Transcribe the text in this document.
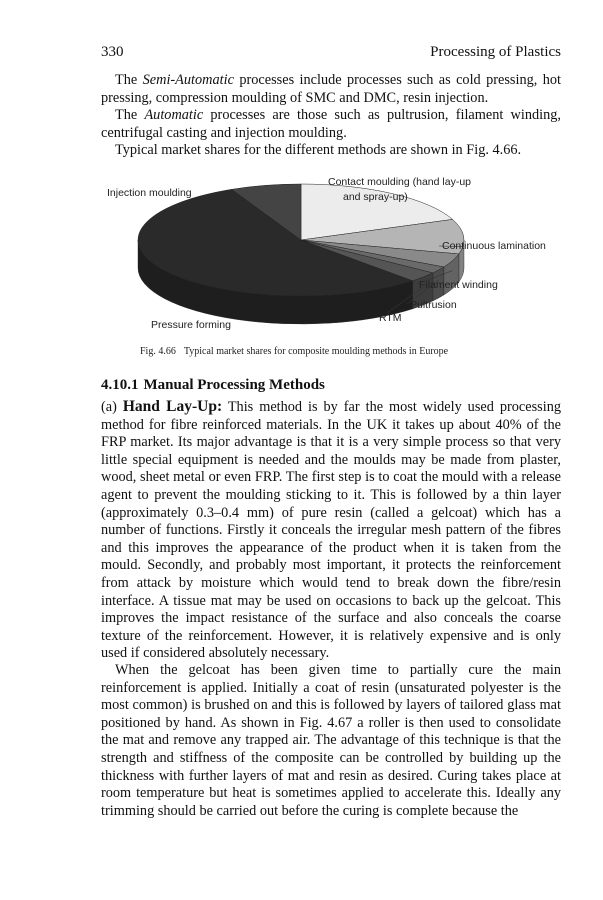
330	Processing of Plastics

The Semi-Automatic processes include processes such as cold pressing, hot pressing, compression moulding of SMC and DMC, resin injection.

The Automatic processes are those such as pultrusion, filament winding, centrifugal casting and injection moulding.

Typical market shares for the different methods are shown in Fig. 4.66.

Injection moulding
Contact moulding (hand lay-up
and spray-up)
Continuous lamination
Filament winding
Pultrusion
RTM
Pressure forming
Fig. 4.66 Typical market shares for composite moulding methods in Europe
4.10.1 Manual Processing Methods

(a) Hand Lay-Up: This method is by far the most widely used processing method for fibre reinforced materials. In the UK it takes up about 40% of the FRP market. Its major advantage is that it is a very simple process so that very little special equipment is needed and the moulds may be made from plaster, wood, sheet metal or even FRP. The first step is to coat the mould with a release agent to prevent the moulding sticking to it. This is followed by a thin layer (approximately 0.3–0.4 mm) of pure resin (called a gelcoat) which has a number of functions. Firstly it conceals the irregular mesh pattern of the fibres and this improves the appearance of the product when it is taken from the mould. Secondly, and probably most important, it protects the reinforcement from attack by moisture which would tend to break down the fibre/resin interface. A tissue mat may be used on occasions to back up the gelcoat. This improves the impact resistance of the surface and also conceals the coarse texture of the reinforcement. However, it is relatively expensive and is only used if considered absolutely necessary.

When the gelcoat has been given time to partially cure the main reinforcement is applied. Initially a coat of resin (unsaturated polyester is the most common) is brushed on and this is followed by layers of tailored glass mat positioned by hand. As shown in Fig. 4.67 a roller is then used to consolidate the mat and remove any trapped air. The advantage of this technique is that the strength and stiffness of the composite can be controlled by building up the thickness with further layers of mat and resin as desired. Curing takes place at room temperature but heat is sometimes applied to accelerate this. Ideally any trimming should be carried out before the curing is complete because the
